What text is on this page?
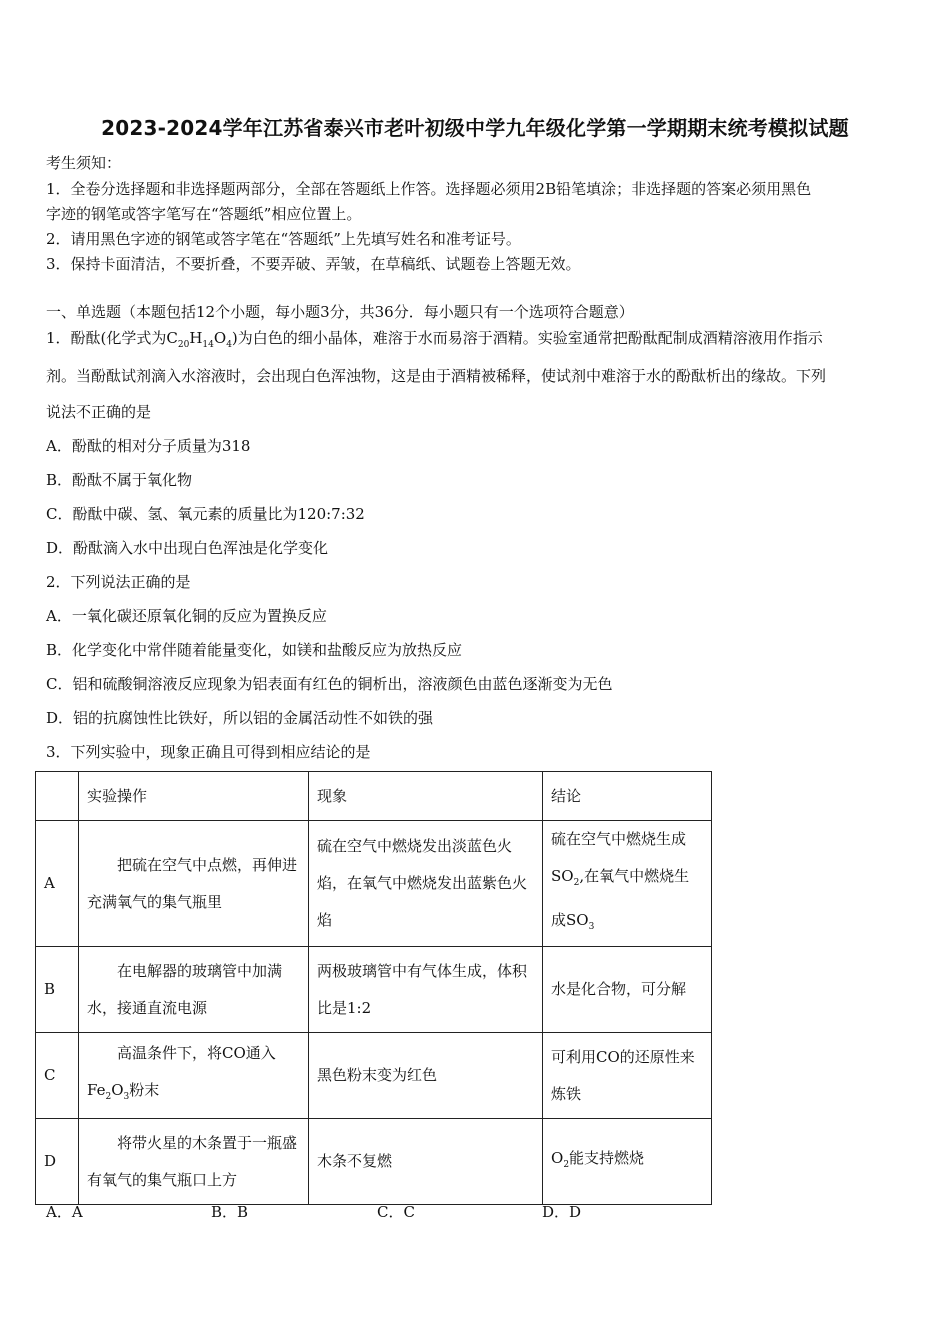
2023-2024学年江苏省泰兴市老叶初级中学九年级化学第一学期期末统考模拟试题
考生须知：
1．全卷分选择题和非选择题两部分，全部在答题纸上作答。选择题必须用2B铅笔填涂；非选择题的答案必须用黑色
字迹的钢笔或答字笔写在“答题纸”相应位置上。
2．请用黑色字迹的钢笔或答字笔在“答题纸”上先填写姓名和准考证号。
3．保持卡面清洁，不要折叠，不要弄破、弄皱，在草稿纸、试题卷上答题无效。
一、单选题（本题包括12个小题，每小题3分，共36分．每小题只有一个选项符合题意）
1．酚酞(化学式为$C_{20}H_{14}O_4$)为白色的细小晶体，难溶于水而易溶于酒精。实验室通常把酚酞配制成酒精溶液用作指示
剂。当酚酞试剂滴入水溶液时，会出现白色浑浊物，这是由于酒精被稀释，使试剂中难溶于水的酚酞析出的缘故。下列
说法不正确的是
A．酚酞的相对分子质量为318
B．酚酞不属于氧化物
C．酚酞中碳、氢、氧元素的质量比为120:7:32
D．酚酞滴入水中出现白色浑浊是化学变化
2．下列说法正确的是
A．一氧化碳还原氧化铜的反应为置换反应
B．化学变化中常伴随着能量变化，如镁和盐酸反应为放热反应
C．铝和硫酸铜溶液反应现象为铝表面有红色的铜析出，溶液颜色由蓝色逐渐变为无色
D．铝的抗腐蚀性比铁好，所以铝的金属活动性不如铁的强
3．下列实验中，现象正确且可得到相应结论的是
	实验操作	现象	结论
A	把硫在空气中点燃，再伸进充满氧气的集气瓶里	硫在空气中燃烧发出淡蓝色火焰，在氧气中燃烧发出蓝紫色火焰	硫在空气中燃烧生成$SO_2$,在氧气中燃烧生成$SO_3$
B	在电解器的玻璃管中加满水，接通直流电源	两极玻璃管中有气体生成，体积比是1:2	水是化合物，可分解
C	高温条件下，将CO通入$Fe_2O_3$粉末	黑色粉末变为红色	可利用CO的还原性来炼铁
D	将带火星的木条置于一瓶盛有氧气的集气瓶口上方	木条不复燃	$O_2$能支持燃烧
A．A	B．B	C．C	D．D
